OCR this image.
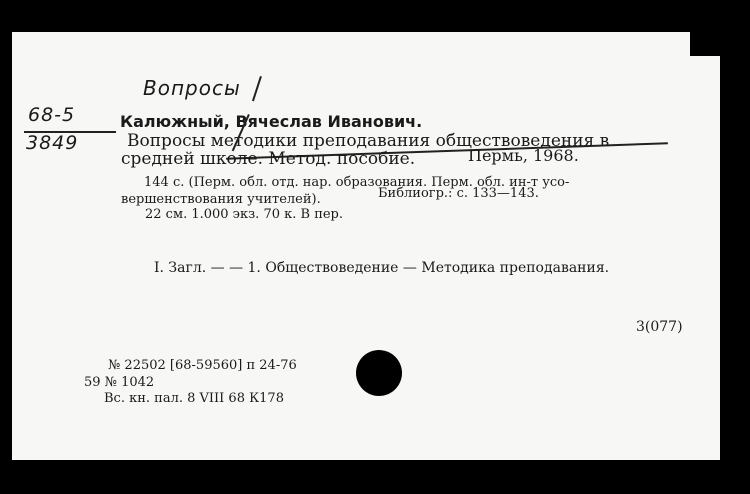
Вопросы
68-5
3849
Калюжный, Вячеслав Иванович.
Вопросы методики преподавания обществоведения в
средней школе. Метод. пособие.	Пермь, 1968.
144 с. (Перм. обл. отд. нар. образования. Перм. обл. ин-т усо-
вершенствования учителей).	Библиогр.: с. 133—143.
22 см. 1.000 экз. 70 к. В пер.
I. Загл. — — 1. Обществоведение — Методика преподавания.
3(077)
№ 22502 [68-59560] п 24-76
59 № 1042
Вс. кн. пал. 8 VIII 68 К178
